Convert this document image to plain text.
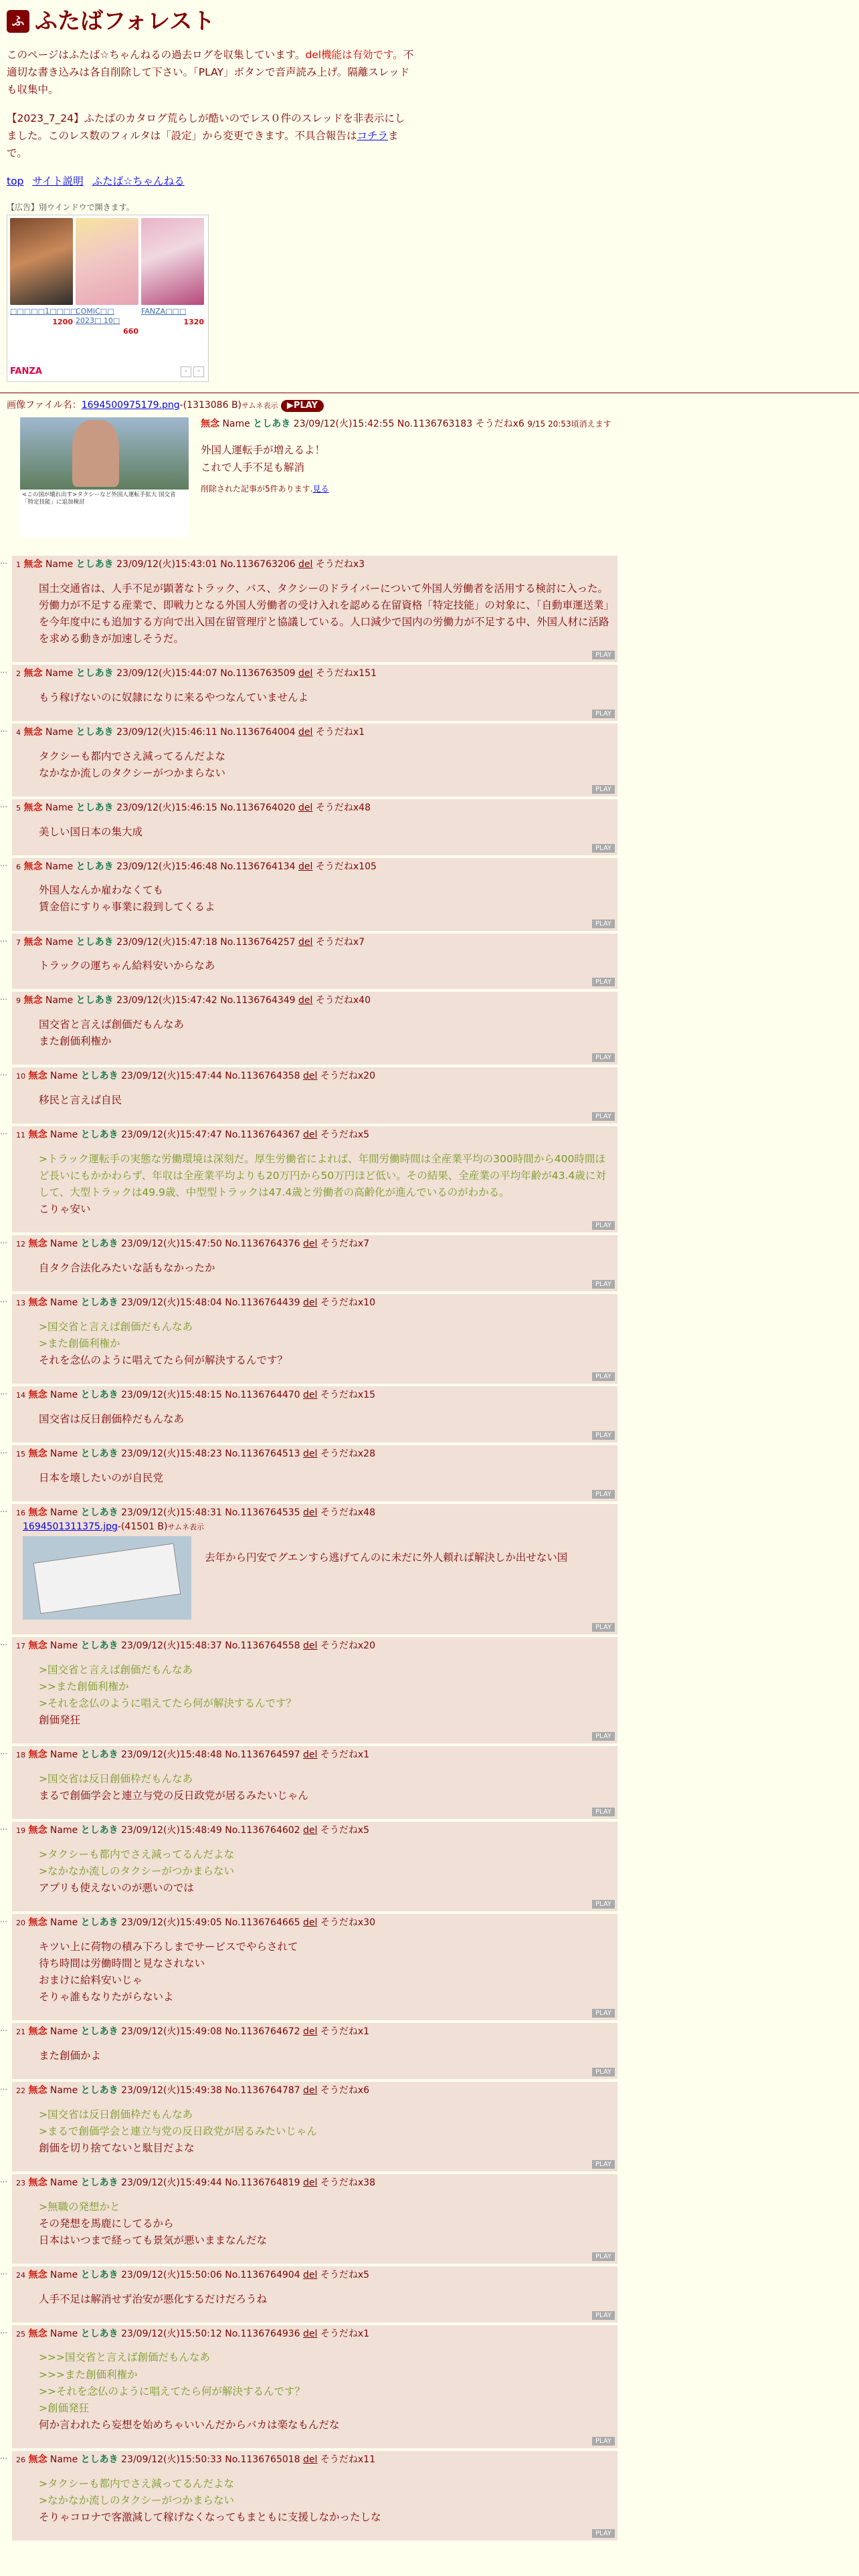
ふ ふたばフォレスト
このページはふたば☆ちゃんねるの過去ログを収集しています。del機能は有効です。不適切な書き込みは各自削除して下さい。「PLAY」ボタンで音声読み上げ。隔離スレッドも収集中。
【2023_7_24】ふたばのカタログ荒らしが酷いのでレス０件のスレッドを非表示にしました。このレス数のフィルタは「設定」から変更できます。不具合報告はコチラまで。
top サイト説明 ふたば☆ちゃんねる
【広告】別ウインドウで開きます。
□□□□□1□□□□
1200
COMIC□□ 2023□ 10□
660
FANZA□□□
1320
FANZA	‹	›
画像ファイル名：1694500975179.png-(1313086 B)サムネ表示 ▶PLAY
<この国が壊れ出す>タクシーなど外国人運転手拡大 国交省「特定技能」に追加検討
無念 Name としあき 23/09/12(火)15:42:55 No.1136763183 そうだねx6 9/15 20:53頃消えます
外国人運転手が増えるよ！
これで人手不足も解消
削除された記事が5件あります.見る
…	1 無念 Name としあき 23/09/12(火)15:43:01 No.1136763206 del そうだねx3
国土交通省は、人手不足が顕著なトラック、バス、タクシーのドライバーについて外国人労働者を活用する検討に入った。労働力が不足する産業で、即戦力となる外国人労働者の受け入れを認める在留資格「特定技能」の対象に、「自動車運送業」を今年度中にも追加する方向で出入国在留管理庁と協議している。人口減少で国内の労働力が不足する中、外国人材に活路を求める動きが加速しそうだ。
PLAY
…	2 無念 Name としあき 23/09/12(火)15:44:07 No.1136763509 del そうだねx151
もう稼げないのに奴隷になりに来るやつなんていませんよ
PLAY
…	4 無念 Name としあき 23/09/12(火)15:46:11 No.1136764004 del そうだねx1
タクシーも都内でさえ減ってるんだよな
なかなか流しのタクシーがつかまらない
PLAY
…	5 無念 Name としあき 23/09/12(火)15:46:15 No.1136764020 del そうだねx48
美しい国日本の集大成
PLAY
…	6 無念 Name としあき 23/09/12(火)15:46:48 No.1136764134 del そうだねx105
外国人なんか雇わなくても
賃金倍にすりゃ事業に殺到してくるよ
PLAY
…	7 無念 Name としあき 23/09/12(火)15:47:18 No.1136764257 del そうだねx7
トラックの運ちゃん給料安いからなあ
PLAY
…	9 無念 Name としあき 23/09/12(火)15:47:42 No.1136764349 del そうだねx40
国交省と言えば創価だもんなあ
また創価利権か
PLAY
…	10 無念 Name としあき 23/09/12(火)15:47:44 No.1136764358 del そうだねx20
移民と言えば自民
PLAY
…	11 無念 Name としあき 23/09/12(火)15:47:47 No.1136764367 del そうだねx5
>トラック運転手の実態な労働環境は深刻だ。厚生労働省によれば、年間労働時間は全産業平均の300時間から400時間ほど長いにもかかわらず、年収は全産業平均よりも20万円から50万円ほど低い。その結果、全産業の平均年齢が43.4歳に対して、大型トラックは49.9歳、中型型トラックは47.4歳と労働者の高齢化が進んでいるのがわかる。
こりゃ安い
PLAY
…	12 無念 Name としあき 23/09/12(火)15:47:50 No.1136764376 del そうだねx7
自タク合法化みたいな話もなかったか
PLAY
…	13 無念 Name としあき 23/09/12(火)15:48:04 No.1136764439 del そうだねx10
>国交省と言えば創価だもんなあ
>また創価利権か
それを念仏のように唱えてたら何が解決するんです？
PLAY
…	14 無念 Name としあき 23/09/12(火)15:48:15 No.1136764470 del そうだねx15
国交省は反日創価枠だもんなあ
PLAY
…	15 無念 Name としあき 23/09/12(火)15:48:23 No.1136764513 del そうだねx28
日本を壊したいのが自民党
PLAY
…	16 無念 Name としあき 23/09/12(火)15:48:31 No.1136764535 del そうだねx48
1694501311375.jpg-(41501 B)サムネ表示
去年から円安でグエンすら逃げてんのに未だに外人頼れば解決しか出せない国
PLAY
…	17 無念 Name としあき 23/09/12(火)15:48:37 No.1136764558 del そうだねx20
>国交省と言えば創価だもんなあ
>>また創価利権か
>それを念仏のように唱えてたら何が解決するんです？
創価発狂
PLAY
…	18 無念 Name としあき 23/09/12(火)15:48:48 No.1136764597 del そうだねx1
>国交省は反日創価枠だもんなあ
まるで創価学会と連立与党の反日政党が居るみたいじゃん
PLAY
…	19 無念 Name としあき 23/09/12(火)15:48:49 No.1136764602 del そうだねx5
>タクシーも都内でさえ減ってるんだよな
>なかなか流しのタクシーがつかまらない
アプリも使えないのが悪いのでは
PLAY
…	20 無念 Name としあき 23/09/12(火)15:49:05 No.1136764665 del そうだねx30
キツい上に荷物の積み下ろしまでサービスでやらされて
待ち時間は労働時間と見なされない
おまけに給料安いじゃ
そりゃ誰もなりたがらないよ
PLAY
…	21 無念 Name としあき 23/09/12(火)15:49:08 No.1136764672 del そうだねx1
また創価かよ
PLAY
…	22 無念 Name としあき 23/09/12(火)15:49:38 No.1136764787 del そうだねx6
>国交省は反日創価枠だもんなあ
>まるで創価学会と連立与党の反日政党が居るみたいじゃん
創価を切り捨てないと駄目だよな
PLAY
…	23 無念 Name としあき 23/09/12(火)15:49:44 No.1136764819 del そうだねx38
>無職の発想かと
その発想を馬鹿にしてるから
日本はいつまで経っても景気が悪いままなんだな
PLAY
…	24 無念 Name としあき 23/09/12(火)15:50:06 No.1136764904 del そうだねx5
人手不足は解消せず治安が悪化するだけだろうね
PLAY
…	25 無念 Name としあき 23/09/12(火)15:50:12 No.1136764936 del そうだねx1
>>>国交省と言えば創価だもんなあ
>>>また創価利権か
>>それを念仏のように唱えてたら何が解決するんです？
>創価発狂
何か言われたら妄想を始めちゃいいんだからバカは楽なもんだな
PLAY
…	26 無念 Name としあき 23/09/12(火)15:50:33 No.1136765018 del そうだねx11
>タクシーも都内でさえ減ってるんだよな
>なかなか流しのタクシーがつかまらない
そりゃコロナで客激減して稼げなくなってもまともに支援しなかったしな
PLAY
